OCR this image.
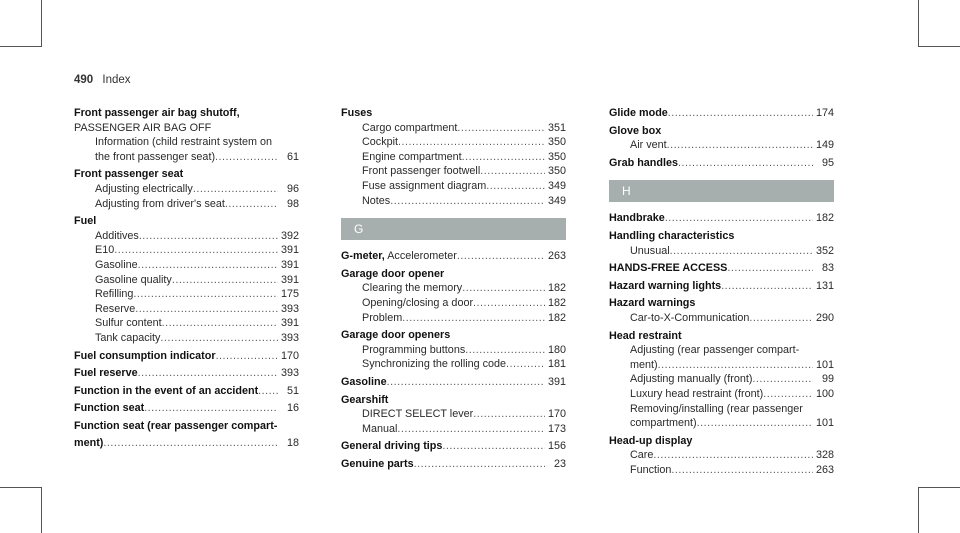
490 Index
Front passenger air bag shutoff,
PASSENGER AIR BAG OFF
Information (child restraint system on
the front passenger seat) .....	61
Front passenger seat
Adjusting electrically .....	96
Adjusting from driver's seat .....	98
Fuel
Additives .....	392
E10 .....	391
Gasoline .....	391
Gasoline quality .....	391
Refilling .....	175
Reserve .....	393
Sulfur content .....	391
Tank capacity .....	393
Fuel consumption indicator .....	170
Fuel reserve .....	393
Function in the event of an accident .....	51
Function seat .....	16
Function seat (rear passenger compart-
ment) .....	18
Fuses
Cargo compartment .....	351
Cockpit .....	350
Engine compartment .....	350
Front passenger footwell .....	350
Fuse assignment diagram .....	349
Notes .....	349
G
G-meter, Accelerometer .....	263
Garage door opener
Clearing the memory .....	182
Opening/closing a door .....	182
Problem .....	182
Garage door openers
Programming buttons .....	180
Synchronizing the rolling code .....	181
Gasoline .....	391
Gearshift
DIRECT SELECT lever .....	170
Manual .....	173
General driving tips .....	156
Genuine parts .....	23
Glide mode .....	174
Glove box
Air vent .....	149
Grab handles .....	95
H
Handbrake .....	182
Handling characteristics
Unusual .....	352
HANDS-FREE ACCESS .....	83
Hazard warning lights .....	131
Hazard warnings
Car-to-X-Communication .....	290
Head restraint
Adjusting (rear passenger compart-
ment) .....	101
Adjusting manually (front) .....	99
Luxury head restraint (front) .....	100
Removing/installing (rear passenger
compartment) .....	101
Head-up display
Care .....	328
Function .....	263
